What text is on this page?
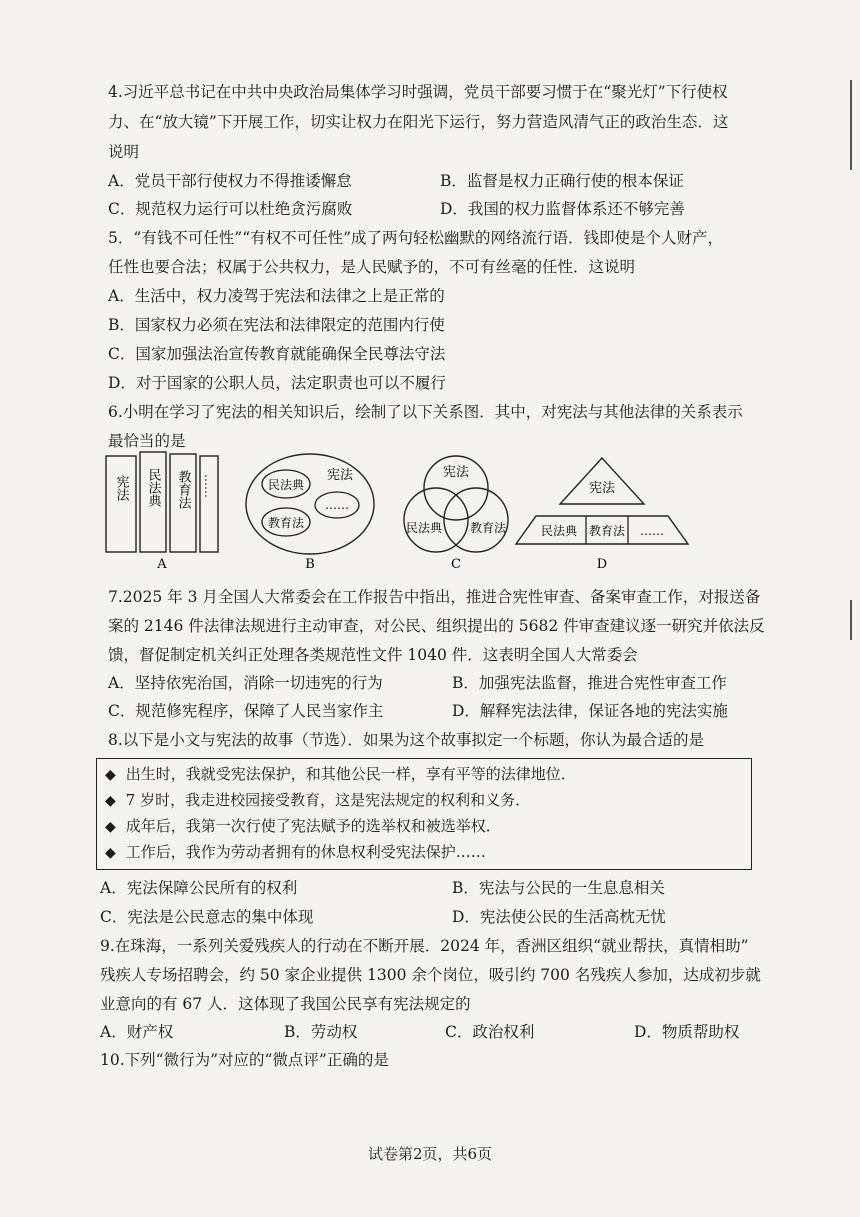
4.习近平总书记在中共中央政治局集体学习时强调，党员干部要习惯于在“聚光灯”下行使权
力、在“放大镜”下开展工作，切实让权力在阳光下运行，努力营造风清气正的政治生态．这
说明
A．党员干部行使权力不得推诿懈怠	B．监督是权力正确行使的根本保证
C．规范权力运行可以杜绝贪污腐败	D．我国的权力监督体系还不够完善
5．“有钱不可任性”“有权不可任性”成了两句轻松幽默的网络流行语．钱即使是个人财产，
任性也要合法；权属于公共权力，是人民赋予的，不可有丝毫的任性．这说明
A．生活中，权力凌驾于宪法和法律之上是正常的
B．国家权力必须在宪法和法律限定的范围内行使
C．国家加强法治宣传教育就能确保全民尊法守法
D．对于国家的公职人员，法定职责也可以不履行
6.小明在学习了宪法的相关知识后，绘制了以下关系图．其中，对宪法与其他法律的关系表示
最恰当的是
宪法 民法典 教育法 ……
A
民法典
宪法
……
教育法
B
宪法
民法典 教育法
C
宪法
民法典 教育法 ……
D
7.2025 年 3 月全国人大常委会在工作报告中指出，推进合宪性审查、备案审查工作，对报送备
案的 2146 件法律法规进行主动审查，对公民、组织提出的 5682 件审查建议逐一研究并依法反
馈，督促制定机关纠正处理各类规范性文件 1040 件．这表明全国人大常委会
A．坚持依宪治国，消除一切违宪的行为	B．加强宪法监督，推进合宪性审查工作
C．规范修宪程序，保障了人民当家作主	D．解释宪法法律，保证各地的宪法实施
8.以下是小文与宪法的故事（节选）．如果为这个故事拟定一个标题，你认为最合适的是
◆ 出生时，我就受宪法保护，和其他公民一样，享有平等的法律地位．
◆ 7 岁时，我走进校园接受教育，这是宪法规定的权利和义务．
◆ 成年后，我第一次行使了宪法赋予的选举权和被选举权．
◆ 工作后，我作为劳动者拥有的休息权利受宪法保护……
A．宪法保障公民所有的权利	B．宪法与公民的一生息息相关
C．宪法是公民意志的集中体现	D．宪法使公民的生活高枕无忧
9.在珠海，一系列关爱残疾人的行动在不断开展．2024 年，香洲区组织“就业帮扶，真情相助”
残疾人专场招聘会，约 50 家企业提供 1300 余个岗位，吸引约 700 名残疾人参加，达成初步就
业意向的有 67 人．这体现了我国公民享有宪法规定的
A．财产权	B．劳动权	C．政治权利	D．物质帮助权
10.下列“微行为”对应的“微点评”正确的是
试卷第2页，共6页
